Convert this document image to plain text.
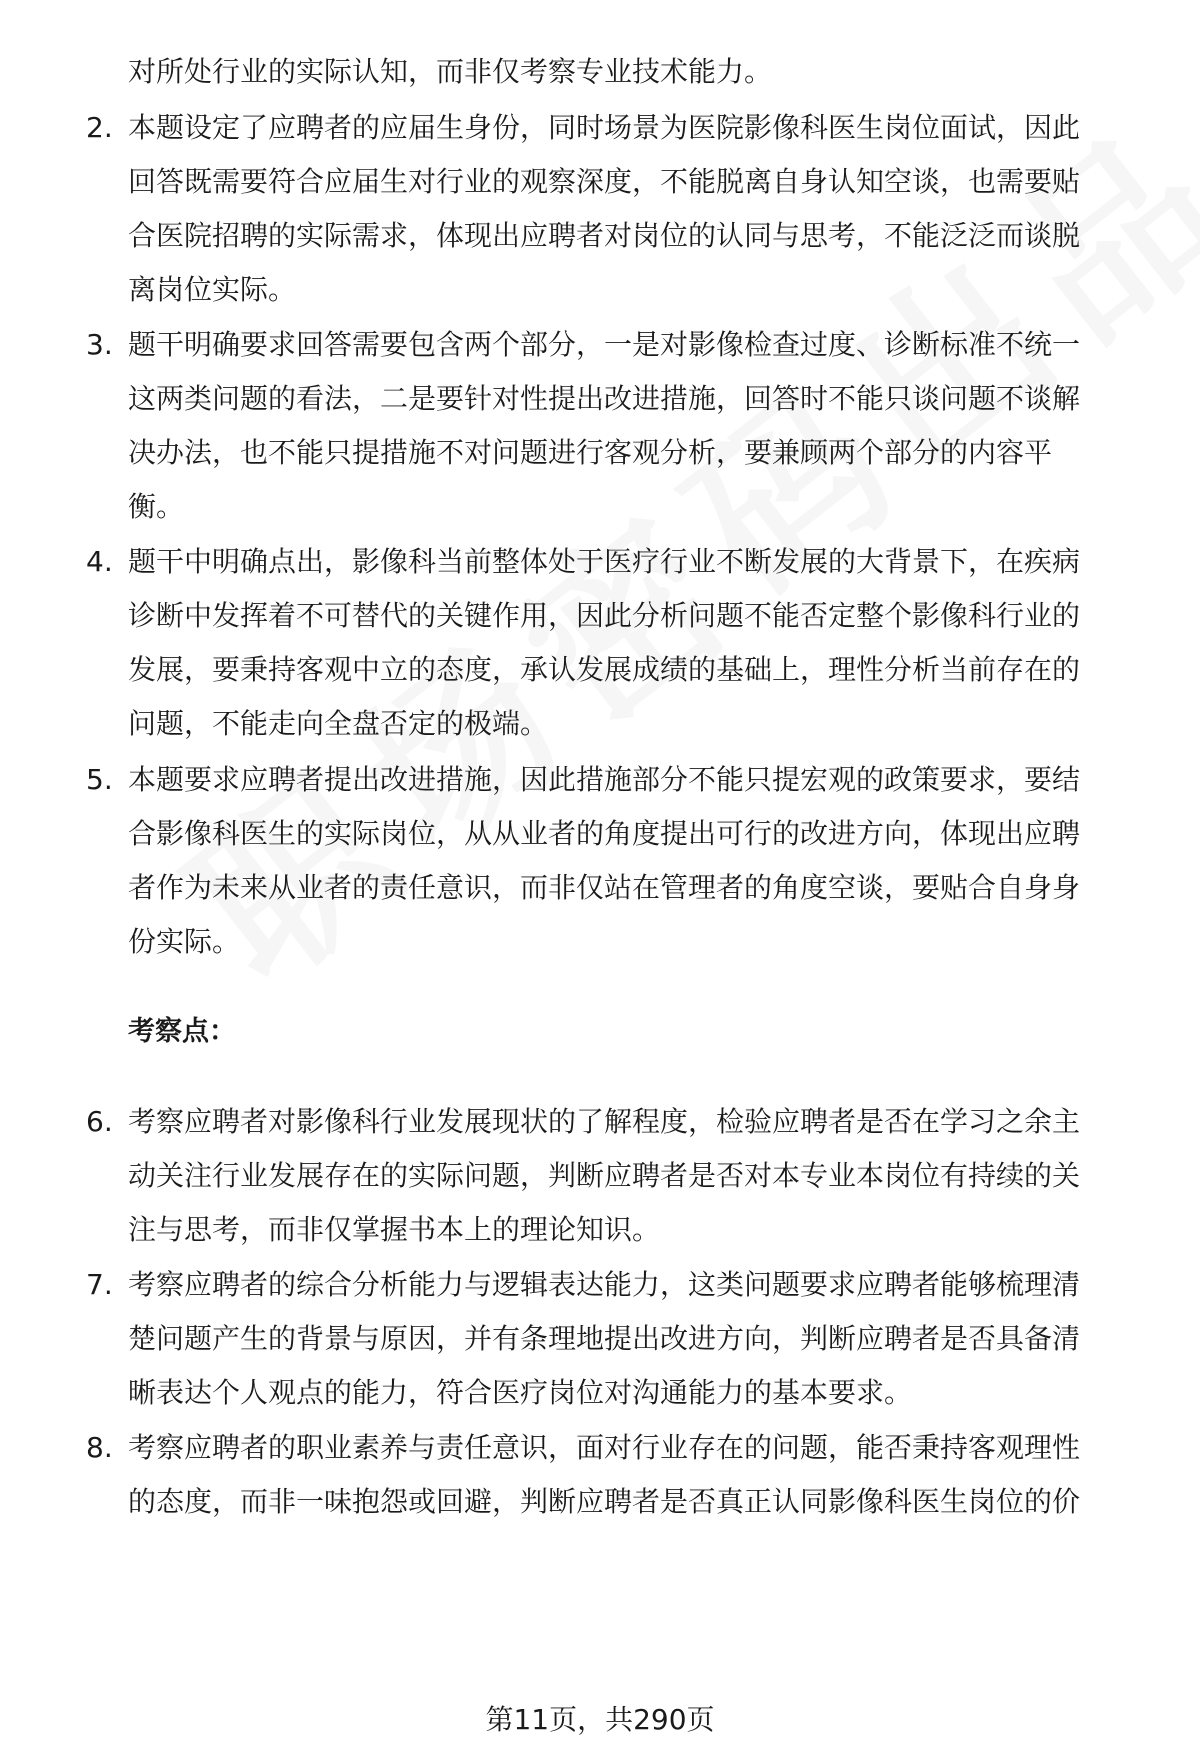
对所处行业的实际认知，而非仅考察专业技术能力。
2. 本题设定了应聘者的应届生身份，同时场景为医院影像科医生岗位面试，因此
回答既需要符合应届生对行业的观察深度，不能脱离自身认知空谈，也需要贴
合医院招聘的实际需求，体现出应聘者对岗位的认同与思考，不能泛泛而谈脱
离岗位实际。
3. 题干明确要求回答需要包含两个部分，一是对影像检查过度、诊断标准不统一
这两类问题的看法，二是要针对性提出改进措施，回答时不能只谈问题不谈解
决办法，也不能只提措施不对问题进行客观分析，要兼顾两个部分的内容平
衡。
4. 题干中明确点出，影像科当前整体处于医疗行业不断发展的大背景下，在疾病
诊断中发挥着不可替代的关键作用，因此分析问题不能否定整个影像科行业的
发展，要秉持客观中立的态度，承认发展成绩的基础上，理性分析当前存在的
问题，不能走向全盘否定的极端。
5. 本题要求应聘者提出改进措施，因此措施部分不能只提宏观的政策要求，要结
合影像科医生的实际岗位，从从业者的角度提出可行的改进方向，体现出应聘
者作为未来从业者的责任意识，而非仅站在管理者的角度空谈，要贴合自身身
份实际。
考察点：
6. 考察应聘者对影像科行业发展现状的了解程度，检验应聘者是否在学习之余主
动关注行业发展存在的实际问题，判断应聘者是否对本专业本岗位有持续的关
注与思考，而非仅掌握书本上的理论知识。
7. 考察应聘者的综合分析能力与逻辑表达能力，这类问题要求应聘者能够梳理清
楚问题产生的背景与原因，并有条理地提出改进方向，判断应聘者是否具备清
晰表达个人观点的能力，符合医疗岗位对沟通能力的基本要求。
8. 考察应聘者的职业素养与责任意识，面对行业存在的问题，能否秉持客观理性
的态度，而非一味抱怨或回避，判断应聘者是否真正认同影像科医生岗位的价
第11页，共290页
